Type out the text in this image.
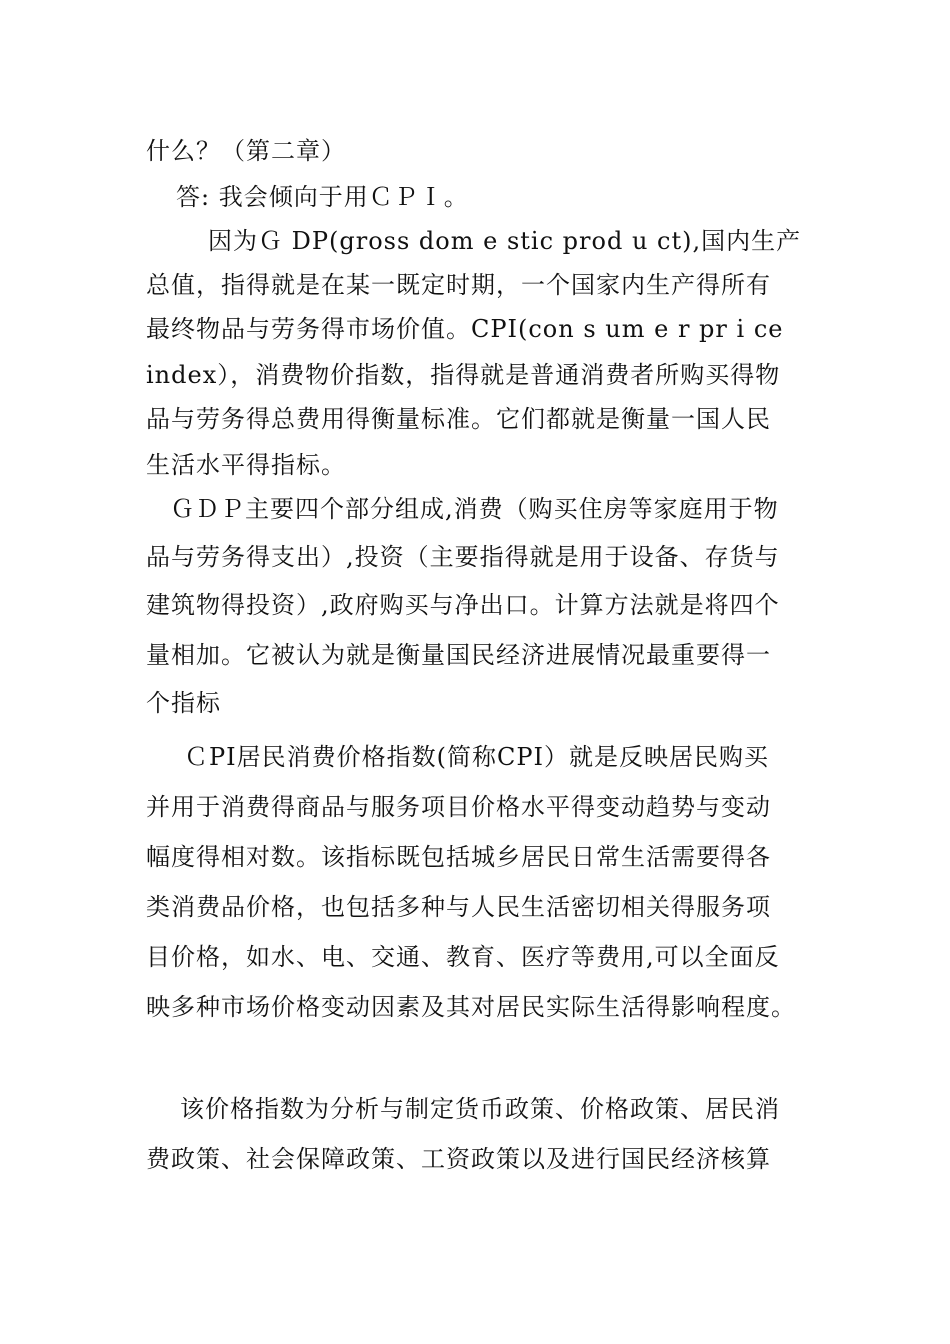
什么？（第二章）
答: 我会倾向于用ＣＰＩ。
因为Ｇ DP(gross dom e stic prod u ct),国内生产
总值，指得就是在某一既定时期，一个国家内生产得所有
最终物品与劳务得市场价值。CPI(con s um e r pr i ce
index），消费物价指数，指得就是普通消费者所购买得物
品与劳务得总费用得衡量标准。它们都就是衡量一国人民
生活水平得指标。
ＧＤＰ主要四个部分组成,消费（购买住房等家庭用于物
品与劳务得支出）,投资（主要指得就是用于设备、存货与
建筑物得投资）,政府购买与净出口。计算方法就是将四个
量相加。它被认为就是衡量国民经济进展情况最重要得一
个指标
ＣPI居民消费价格指数(简称CPI）就是反映居民购买
并用于消费得商品与服务项目价格水平得变动趋势与变动
幅度得相对数。该指标既包括城乡居民日常生活需要得各
类消费品价格，也包括多种与人民生活密切相关得服务项
目价格，如水、电、交通、教育、医疗等费用,可以全面反
映多种市场价格变动因素及其对居民实际生活得影响程度。
该价格指数为分析与制定货币政策、价格政策、居民消
费政策、社会保障政策、工资政策以及进行国民经济核算
